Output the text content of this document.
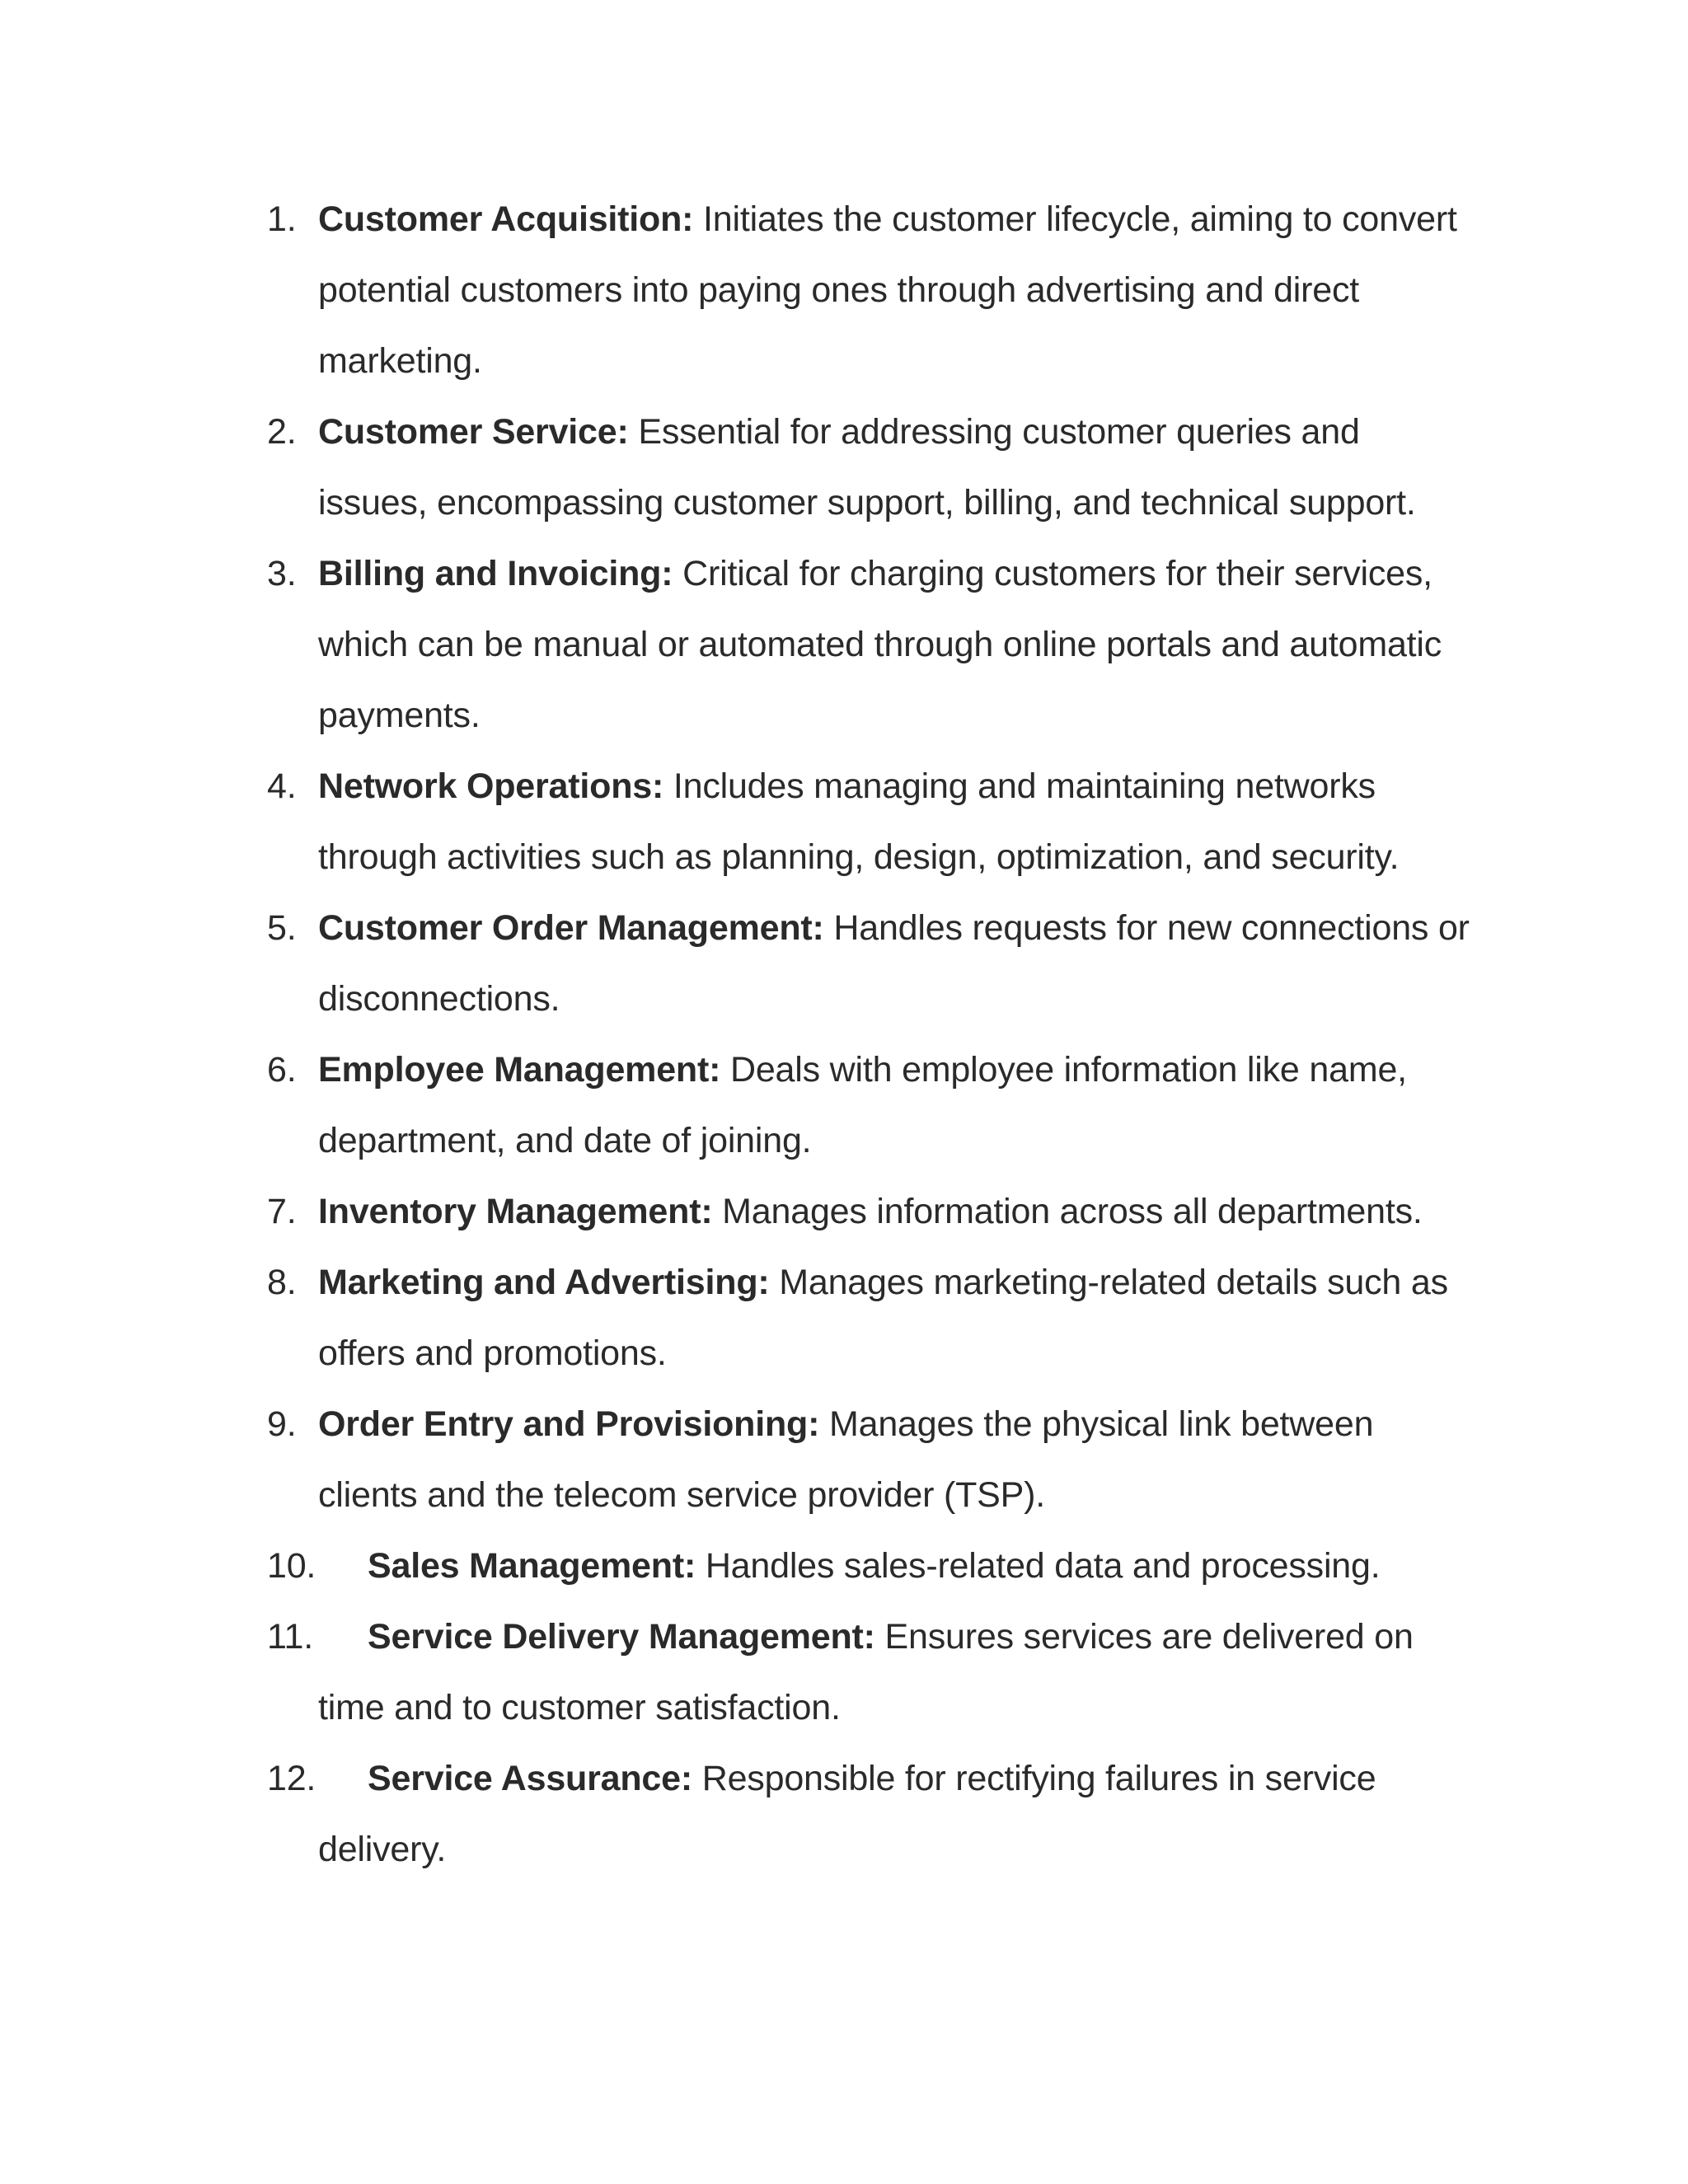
1. Customer Acquisition: Initiates the customer lifecycle, aiming to convert potential customers into paying ones through advertising and direct marketing.
2. Customer Service: Essential for addressing customer queries and issues, encompassing customer support, billing, and technical support.
3. Billing and Invoicing: Critical for charging customers for their services, which can be manual or automated through online portals and automatic payments.
4. Network Operations: Includes managing and maintaining networks through activities such as planning, design, optimization, and security.
5. Customer Order Management: Handles requests for new connections or disconnections.
6. Employee Management: Deals with employee information like name, department, and date of joining.
7. Inventory Management: Manages information across all departments.
8. Marketing and Advertising: Manages marketing-related details such as offers and promotions.
9. Order Entry and Provisioning: Manages the physical link between clients and the telecom service provider (TSP).
10. Sales Management: Handles sales-related data and processing.
11. Service Delivery Management: Ensures services are delivered on time and to customer satisfaction.
12. Service Assurance: Responsible for rectifying failures in service delivery.
